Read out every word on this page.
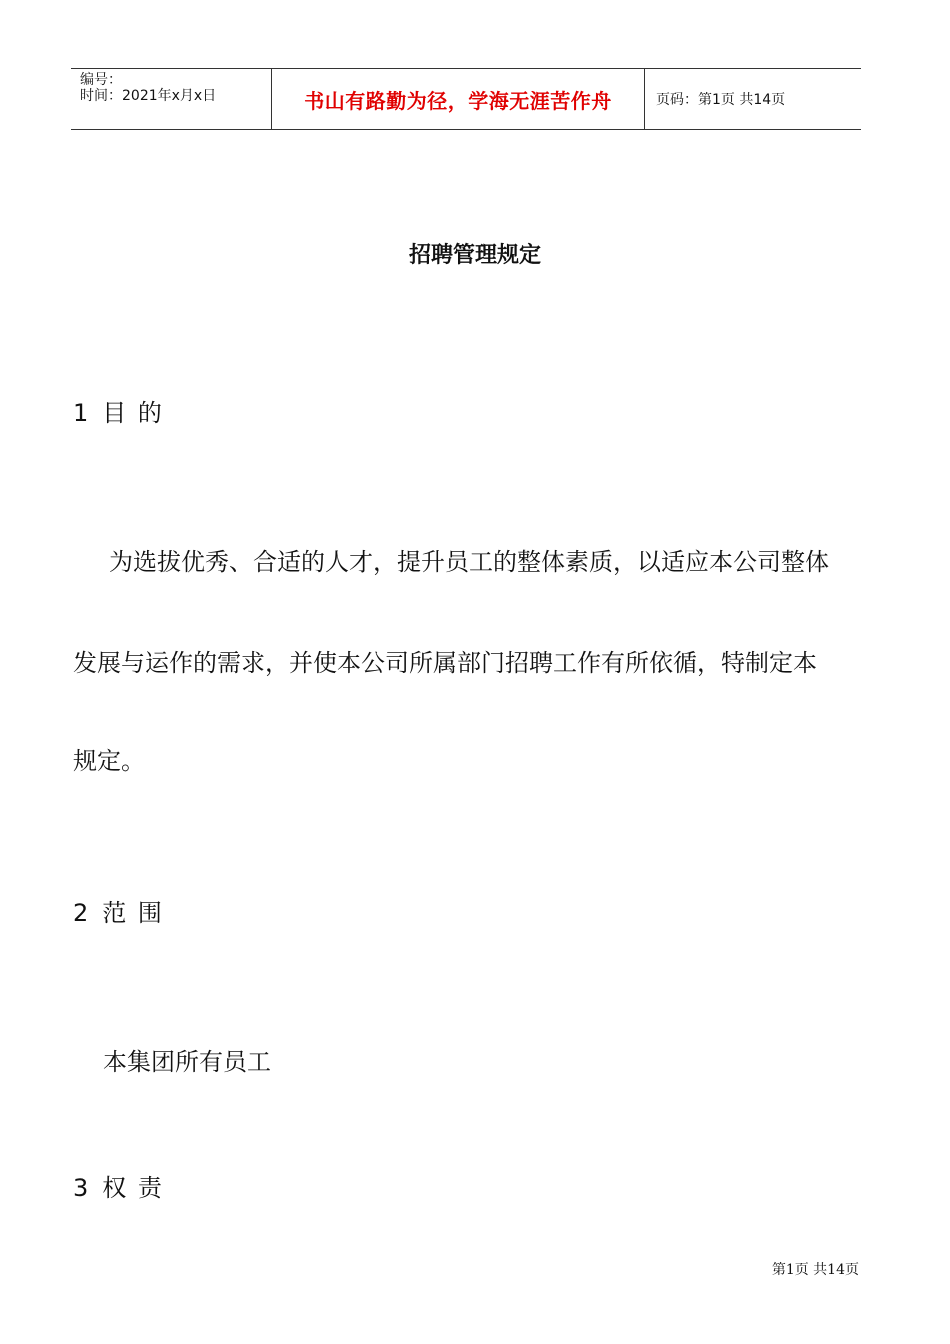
编号：
时间：2021年x月x日	书山有路勤为径，学海无涯苦作舟	页码：第1页 共14页
招聘管理规定
1 目 的
为选拔优秀、合适的人才，提升员工的整体素质，以适应本公司整体
发展与运作的需求，并使本公司所属部门招聘工作有所依循，特制定本
规定。
2 范 围
本集团所有员工
3 权 责
第1页 共14页
